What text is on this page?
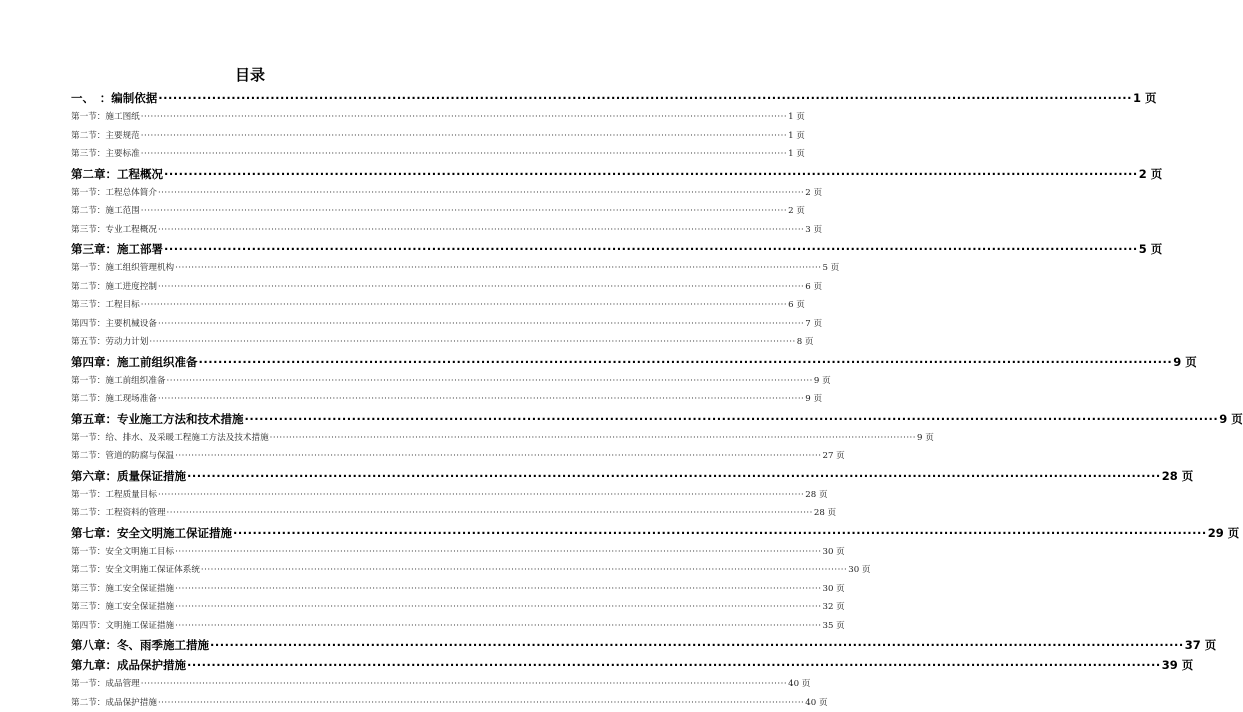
目录
一、　：编制依据 ········································································································································································································ 1 页
第一节：施工图纸 ········································································································································································································ 1 页
第二节：主要规范 ········································································································································································································ 1 页
第三节：主要标准 ········································································································································································································ 1 页
第二章：工程概况 ········································································································································································································ 2 页
第一节：工程总体简介 ········································································································································································································ 2 页
第二节：施工范围 ········································································································································································································ 2 页
第三节：专业工程概况 ········································································································································································································ 3 页
第三章：施工部署 ········································································································································································································ 5 页
第一节：施工组织管理机构 ········································································································································································································ 5 页
第二节：施工进度控制 ········································································································································································································ 6 页
第三节：工程目标 ········································································································································································································ 6 页
第四节：主要机械设备 ········································································································································································································ 7 页
第五节：劳动力计划 ········································································································································································································ 8 页
第四章：施工前组织准备 ········································································································································································································ 9 页
第一节：施工前组织准备 ········································································································································································································ 9 页
第二节：施工现场准备 ········································································································································································································ 9 页
第五章：专业施工方法和技术措施 ········································································································································································································ 9 页
第一节：给、排水、及采暖工程施工方法及技术措施 ········································································································································································································ 9 页
第二节：管道的防腐与保温 ········································································································································································································ 27 页
第六章：质量保证措施 ········································································································································································································ 28 页
第一节：工程质量目标 ········································································································································································································ 28 页
第二节：工程资料的管理 ········································································································································································································ 28 页
第七章：安全文明施工保证措施 ········································································································································································································ 29 页
第一节：安全文明施工目标 ········································································································································································································ 30 页
第二节：安全文明施工保证体系统 ········································································································································································································ 30 页
第三节：施工安全保证措施 ········································································································································································································ 30 页
第三节：施工安全保证措施 ········································································································································································································ 32 页
第四节：文明施工保证措施 ········································································································································································································ 35 页
第八章：冬、雨季施工措施 ········································································································································································································ 37 页
第九章：成品保护措施 ········································································································································································································ 39 页
第一节：成品管理 ········································································································································································································ 40 页
第二节：成品保护措施 ········································································································································································································ 40 页
